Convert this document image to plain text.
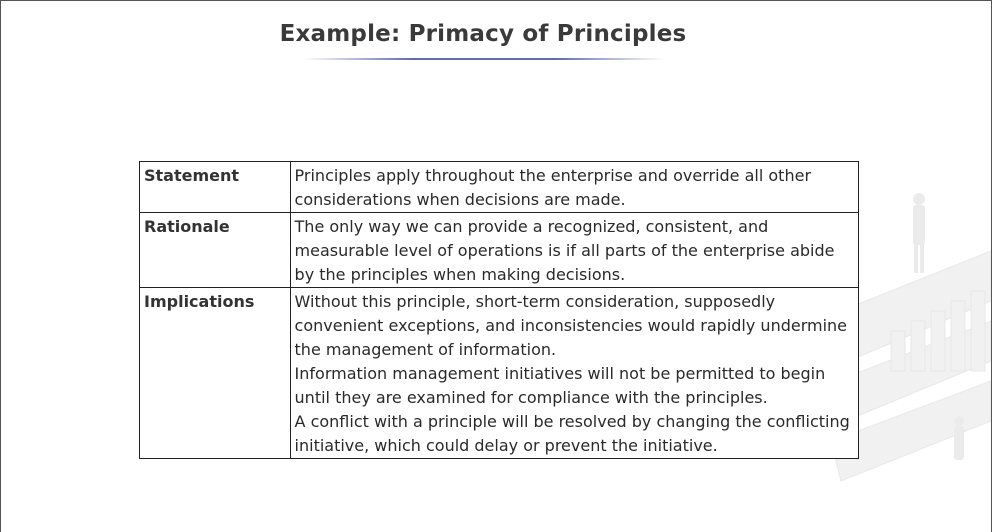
Example: Primacy of Principles
Statement	Principles apply throughout the enterprise and override all other considerations when decisions are made.

Rationale	The only way we can provide a recognized, consistent, and measurable level of operations is if all parts of the enterprise abide by the principles when making decisions.

Implications	Without this principle, short-term consideration, supposedly convenient exceptions, and inconsistencies would rapidly undermine the management of information.
Information management initiatives will not be permitted to begin until they are examined for compliance with the principles.
A conflict with a principle will be resolved by changing the conflicting initiative, which could delay or prevent the initiative.
